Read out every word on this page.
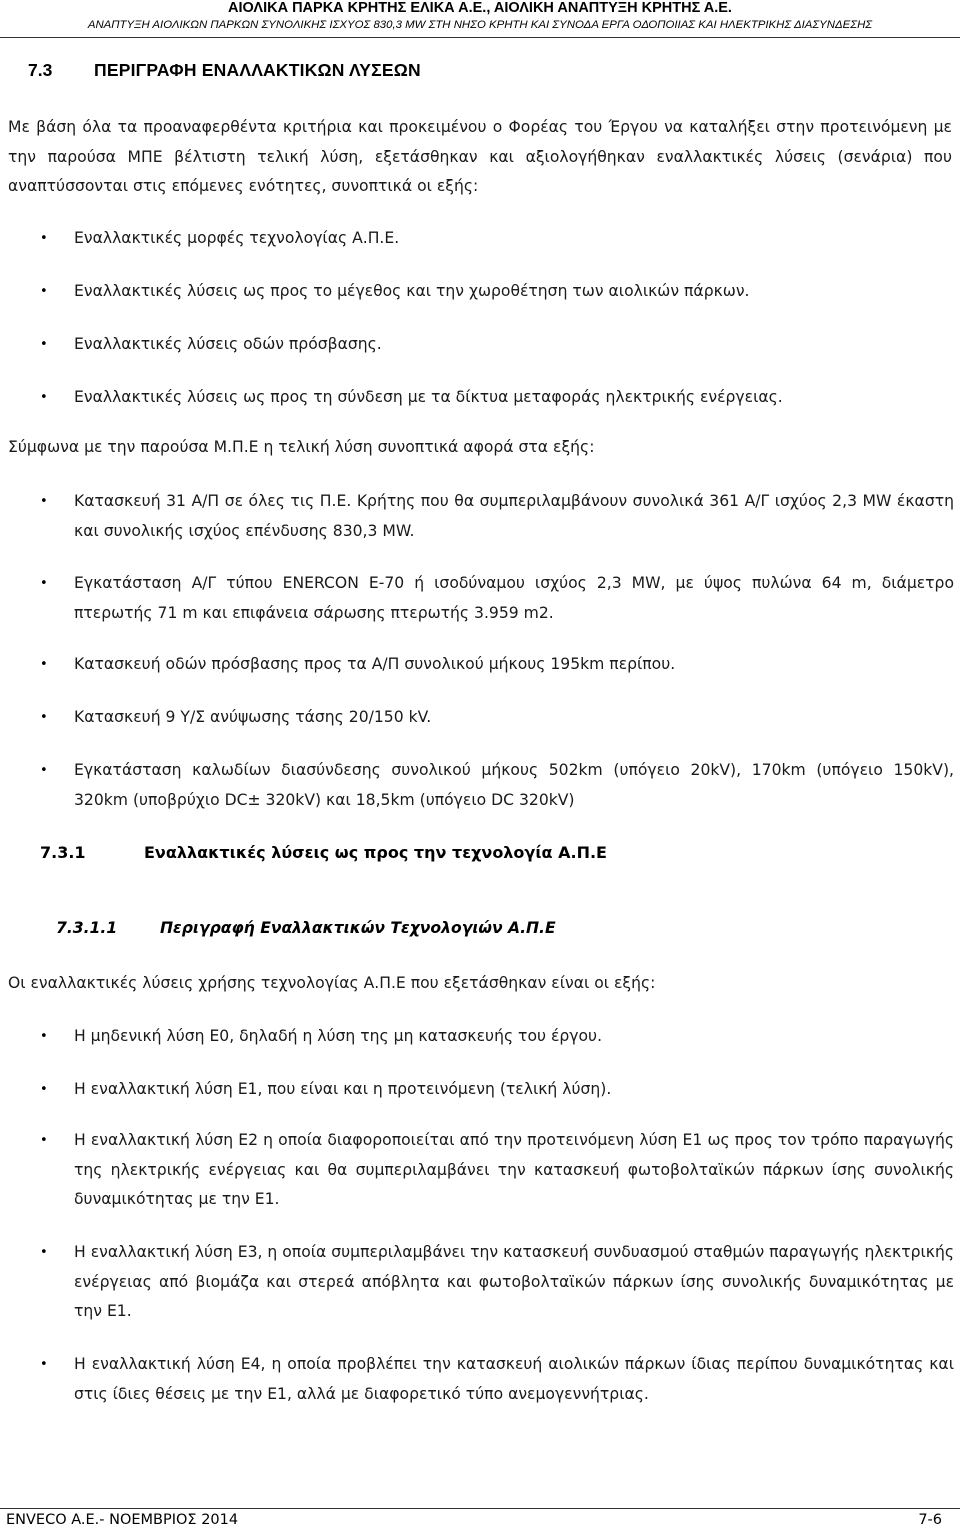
ΑΙΟΛΙΚΑ ΠΑΡΚΑ ΚΡΗΤΗΣ ΕΛΙΚΑ Α.Ε., ΑΙΟΛΙΚΗ ΑΝΑΠΤΥΞΗ ΚΡΗΤΗΣ Α.Ε.
ΑΝΑΠΤΥΞΗ ΑΙΟΛΙΚΩΝ ΠΑΡΚΩΝ ΣΥΝΟΛΙΚΗΣ ΙΣΧΥΟΣ 830,3 MW ΣΤΗ ΝΗΣΟ ΚΡΗΤΗ ΚΑΙ ΣΥΝΟΔΑ ΕΡΓΑ ΟΔΟΠΟΙΙΑΣ ΚΑΙ ΗΛΕΚΤΡΙΚΗΣ ΔΙΑΣΥΝΔΕΣΗΣ
7.3 ΠΕΡΙΓΡΑΦΗ ΕΝΑΛΛΑΚΤΙΚΩΝ ΛΥΣΕΩΝ
Με βάση όλα τα προαναφερθέντα κριτήρια και προκειμένου ο Φορέας του Έργου να καταλήξει στην προτεινόμενη με την παρούσα ΜΠΕ βέλτιστη τελική λύση, εξετάσθηκαν και αξιολογήθηκαν εναλλακτικές λύσεις (σενάρια) που αναπτύσσονται στις επόμενες ενότητες, συνοπτικά οι εξής:
• Εναλλακτικές μορφές τεχνολογίας Α.Π.Ε.
• Εναλλακτικές λύσεις ως προς το μέγεθος και την χωροθέτηση των αιολικών πάρκων.
• Εναλλακτικές λύσεις οδών πρόσβασης.
• Εναλλακτικές λύσεις ως προς τη σύνδεση με τα δίκτυα μεταφοράς ηλεκτρικής ενέργειας.
Σύμφωνα με την παρούσα Μ.Π.Ε η τελική λύση συνοπτικά αφορά στα εξής:
• Κατασκευή 31 Α/Π σε όλες τις Π.Ε. Κρήτης που θα συμπεριλαμβάνουν συνολικά 361 Α/Γ ισχύος 2,3 MW έκαστη και συνολικής ισχύος επένδυσης 830,3 MW.
• Εγκατάσταση Α/Γ τύπου ENERCON E-70 ή ισοδύναμου ισχύος 2,3 MW, με ύψος πυλώνα 64 m, διάμετρο πτερωτής 71 m και επιφάνεια σάρωσης πτερωτής 3.959 m2.
• Κατασκευή οδών πρόσβασης προς τα Α/Π συνολικού μήκους 195km περίπου.
• Κατασκευή 9 Υ/Σ ανύψωσης τάσης 20/150 kV.
• Εγκατάσταση καλωδίων διασύνδεσης συνολικού μήκους 502km (υπόγειο 20kV), 170km (υπόγειο 150kV), 320km (υποβρύχιο DC± 320kV) και 18,5km (υπόγειο DC 320kV)
7.3.1	Εναλλακτικές λύσεις ως προς την τεχνολογία Α.Π.Ε
7.3.1.1	Περιγραφή Εναλλακτικών Τεχνολογιών Α.Π.Ε
Οι εναλλακτικές λύσεις χρήσης τεχνολογίας Α.Π.Ε που εξετάσθηκαν είναι οι εξής:
• Η μηδενική λύση Ε0, δηλαδή η λύση της μη κατασκευής του έργου.
• Η εναλλακτική λύση Ε1, που είναι και η προτεινόμενη (τελική λύση).
• Η εναλλακτική λύση Ε2 η οποία διαφοροποιείται από την προτεινόμενη λύση Ε1 ως προς τον τρόπο παραγωγής της ηλεκτρικής ενέργειας και θα συμπεριλαμβάνει την κατασκευή φωτοβολταϊκών πάρκων ίσης συνολικής δυναμικότητας με την Ε1.
• Η εναλλακτική λύση Ε3, η οποία συμπεριλαμβάνει την κατασκευή συνδυασμού σταθμών παραγωγής ηλεκτρικής ενέργειας από βιομάζα και στερεά απόβλητα και φωτοβολταϊκών πάρκων ίσης συνολικής δυναμικότητας με την Ε1.
• Η εναλλακτική λύση Ε4, η οποία προβλέπει την κατασκευή αιολικών πάρκων ίδιας περίπου δυναμικότητας και στις ίδιες θέσεις με την Ε1, αλλά με διαφορετικό τύπο ανεμογεννήτριας.
ENVECO A.E.- ΝΟΕΜΒΡΙΟΣ 2014	7-6
